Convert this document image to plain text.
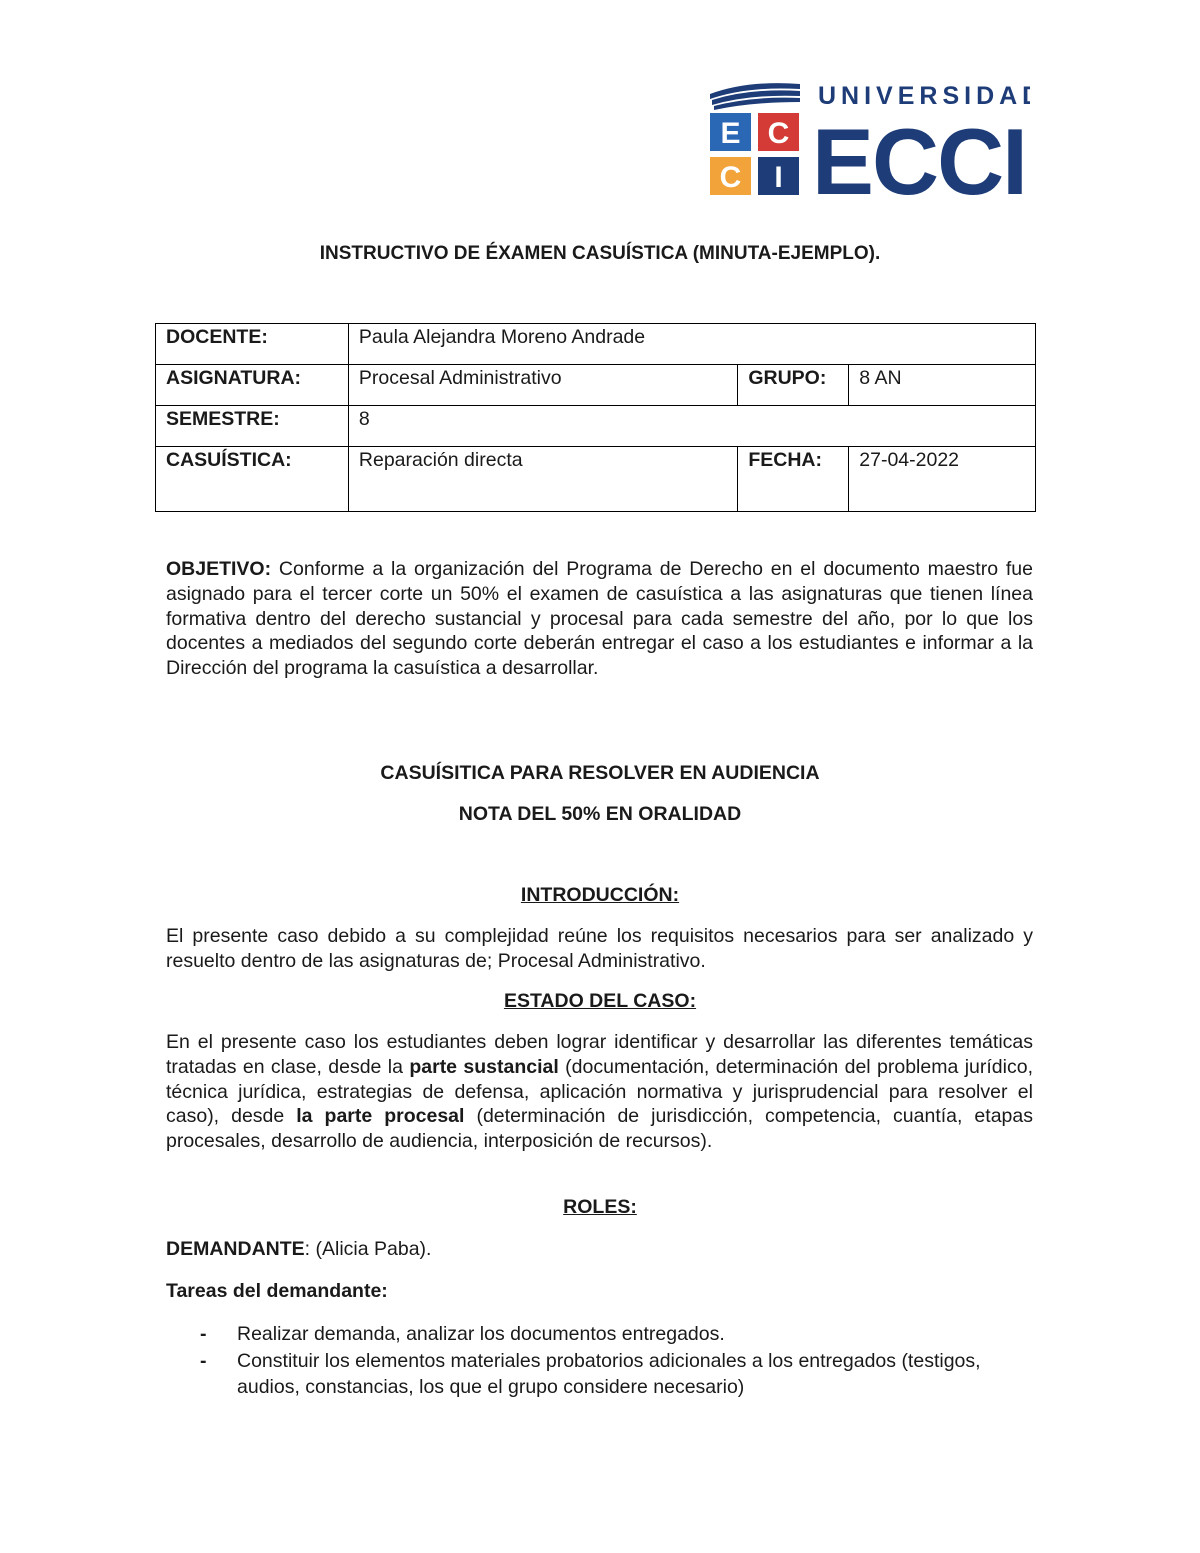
E C
C I
UNIVERSIDAD
ECCI
INSTRUCTIVO DE ÉXAMEN CASUÍSTICA (MINUTA-EJEMPLO).
DOCENTE:	Paula Alejandra Moreno Andrade		
ASIGNATURA:	Procesal Administrativo	GRUPO:	8 AN
SEMESTRE:	8		
CASUÍSTICA:	Reparación directa	FECHA:	27-04-2022
OBJETIVO: Conforme a la organización del Programa de Derecho en el documento maestro fue asignado para el tercer corte un 50% el examen de casuística a las asignaturas que tienen línea formativa dentro del derecho sustancial y procesal para cada semestre del año, por lo que los docentes a mediados del segundo corte deberán entregar el caso a los estudiantes e informar a la Dirección del programa la casuística a desarrollar.
CASUÍSITICA PARA RESOLVER EN AUDIENCIA
NOTA DEL 50% EN ORALIDAD
INTRODUCCIÓN:
El presente caso debido a su complejidad reúne los requisitos necesarios para ser analizado y resuelto dentro de las asignaturas de; Procesal Administrativo.
ESTADO DEL CASO:
En el presente caso los estudiantes deben lograr identificar y desarrollar las diferentes temáticas tratadas en clase, desde la parte sustancial (documentación, determinación del problema jurídico, técnica jurídica, estrategias de defensa, aplicación normativa y jurisprudencial para resolver el caso), desde la parte procesal (determinación de jurisdicción, competencia, cuantía, etapas procesales, desarrollo de audiencia, interposición de recursos).
ROLES:
DEMANDANTE: (Alicia Paba).
Tareas del demandante:
- Realizar demanda, analizar los documentos entregados.
- Constituir los elementos materiales probatorios adicionales a los entregados (testigos, audios, constancias, los que el grupo considere necesario)
